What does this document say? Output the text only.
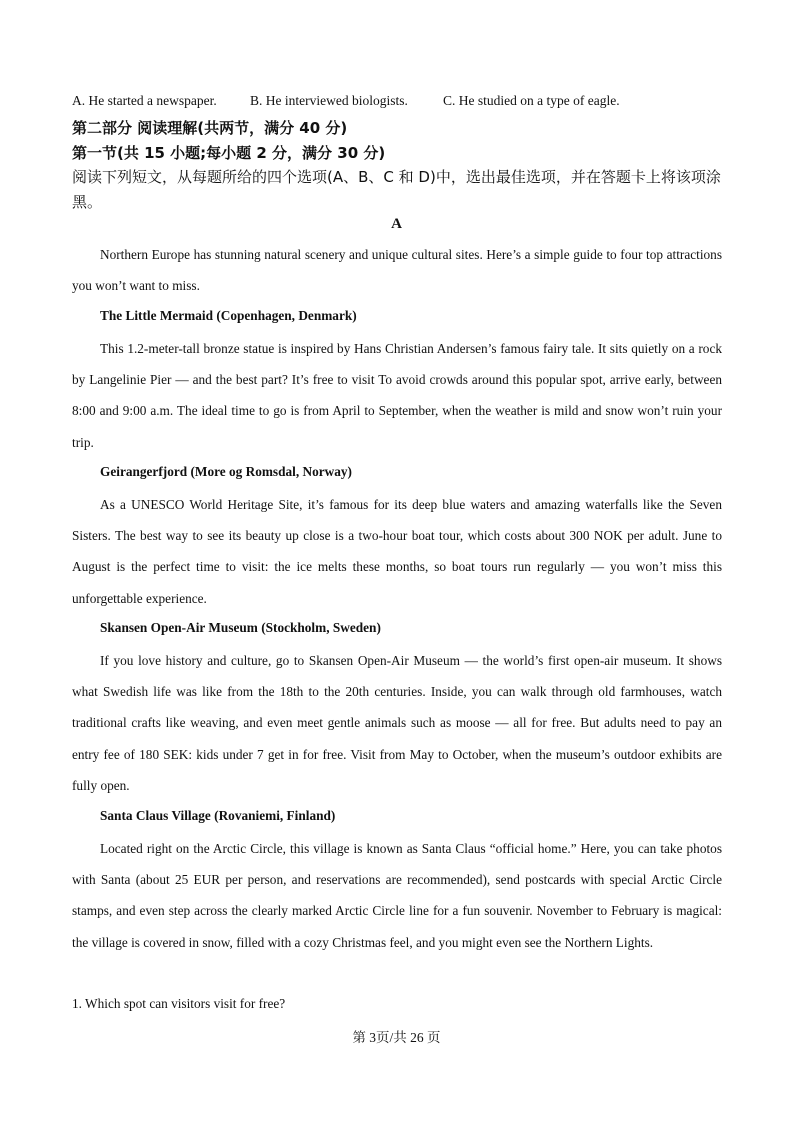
A. He started a newspaper. B. He interviewed biologists.	C. He studied on a type of eagle.
第二部分 阅读理解(共两节，满分 40 分)
第一节(共 15 小题;每小题 2 分，满分 30 分)
阅读下列短文，从每题所给的四个选项(A、B、C 和 D)中，选出最佳选项，并在答题卡上将该项涂黑。
A
Northern Europe has stunning natural scenery and unique cultural sites. Here’s a simple guide to four top attractions you won’t want to miss.
The Little Mermaid (Copenhagen, Denmark)
This 1.2-meter-tall bronze statue is inspired by Hans Christian Andersen’s famous fairy tale. It sits quietly on a rock by Langelinie Pier — and the best part? It’s free to visit To avoid crowds around this popular spot, arrive early, between 8:00 and 9:00 a.m. The ideal time to go is from April to September, when the weather is mild and snow won’t ruin your trip.
Geirangerfjord (More og Romsdal, Norway)
As a UNESCO World Heritage Site, it’s famous for its deep blue waters and amazing waterfalls like the Seven Sisters. The best way to see its beauty up close is a two-hour boat tour, which costs about 300 NOK per adult. June to August is the perfect time to visit: the ice melts these months, so boat tours run regularly — you won’t miss this unforgettable experience.
Skansen Open-Air Museum (Stockholm, Sweden)
If you love history and culture, go to Skansen Open-Air Museum — the world’s first open-air museum. It shows what Swedish life was like from the 18th to the 20th centuries. Inside, you can walk through old farmhouses, watch traditional crafts like weaving, and even meet gentle animals such as moose — all for free. But adults need to pay an entry fee of 180 SEK: kids under 7 get in for free. Visit from May to October, when the museum’s outdoor exhibits are fully open.
Santa Claus Village (Rovaniemi, Finland)
Located right on the Arctic Circle, this village is known as Santa Claus “official home.” Here, you can take photos with Santa (about 25 EUR per person, and reservations are recommended), send postcards with special Arctic Circle stamps, and even step across the clearly marked Arctic Circle line for a fun souvenir. November to February is magical: the village is covered in snow, filled with a cozy Christmas feel, and you might even see the Northern Lights.
1. Which spot can visitors visit for free?
第 3页/共 26 页
